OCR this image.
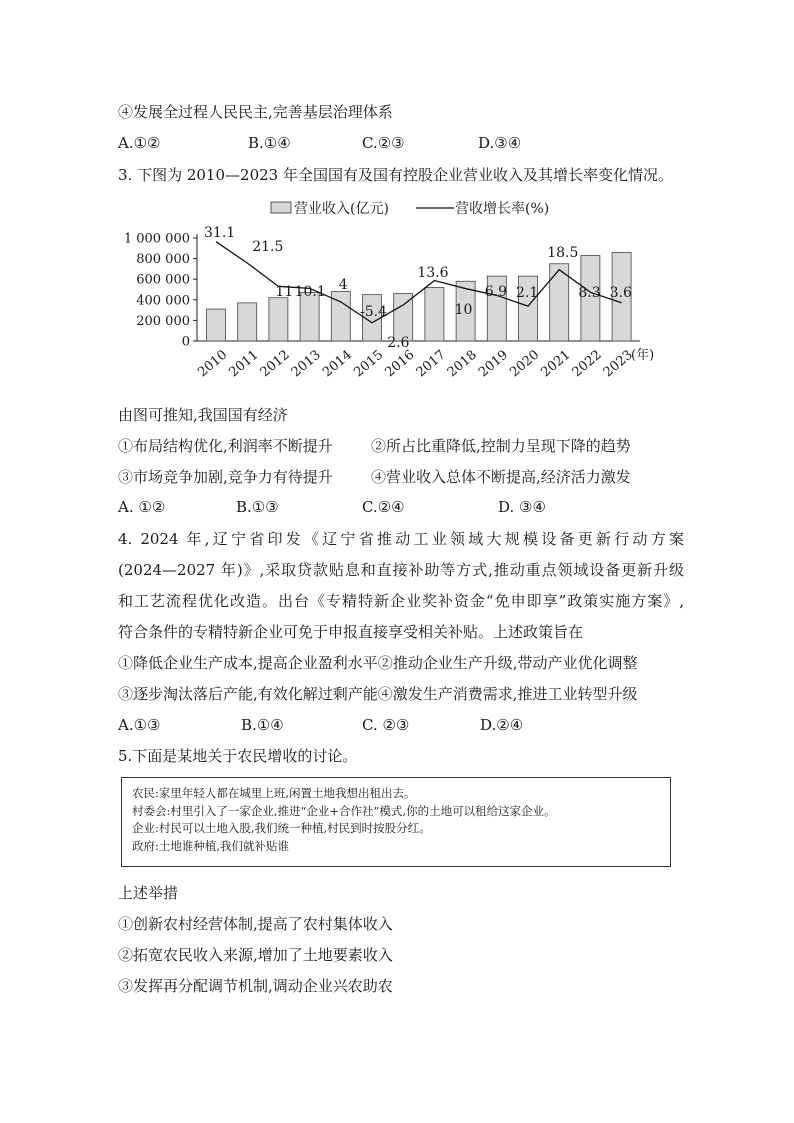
④发展全过程人民民主,完善基层治理体系
A.①②	B.①④	C.②③	D.③④
3. 下图为 2010—2023 年全国国有及国有控股企业营业收入及其增长率变化情况。
营业收入(亿元)	营收增长率(%)
1 000 000
800 000
600 000
400 000
200 000
0
31.1
21.5
11 10.1 4
-5.4
2.6
13.6
10
6.9 2.1
18.5
8.3 3.6
2010
2011
2012
2013
2014
2015
2016
2017
2018
2019
2020
2021
2022
2023
(年)
由图可推知,我国国有经济
①布局结构优化,利润率不断提升	②所占比重降低,控制力呈现下降的趋势
③市场竞争加剧,竞争力有待提升	④营业收入总体不断提高,经济活力激发
A. ①②	B.①③	C.②④	D. ③④
4. 2024 年,辽宁省印发《辽宁省推动工业领域大规模设备更新行动方案
(2024—2027 年)》,采取贷款贴息和直接补助等方式,推动重点领域设备更新升级
和工艺流程优化改造。出台《专精特新企业奖补资金“免申即享”政策实施方案》,
符合条件的专精特新企业可免于申报直接享受相关补贴。上述政策旨在
①降低企业生产成本,提高企业盈利水平②推动企业生产升级,带动产业优化调整
③逐步淘汰落后产能,有效化解过剩产能④激发生产消费需求,推进工业转型升级
A.①③	B.①④	C. ②③	D.②④
5.下面是某地关于农民增收的讨论。
农民:家里年轻人都在城里上班,闲置土地我想出租出去。
村委会:村里引入了一家企业,推进“企业+合作社”模式,你的土地可以租给这家企业。
企业:村民可以土地入股,我们统一种植,村民到时按股分红。
政府:土地谁种植,我们就补贴谁
上述举措
①创新农村经营体制,提高了农村集体收入
②拓宽农民收入来源,增加了土地要素收入
③发挥再分配调节机制,调动企业兴农助农
